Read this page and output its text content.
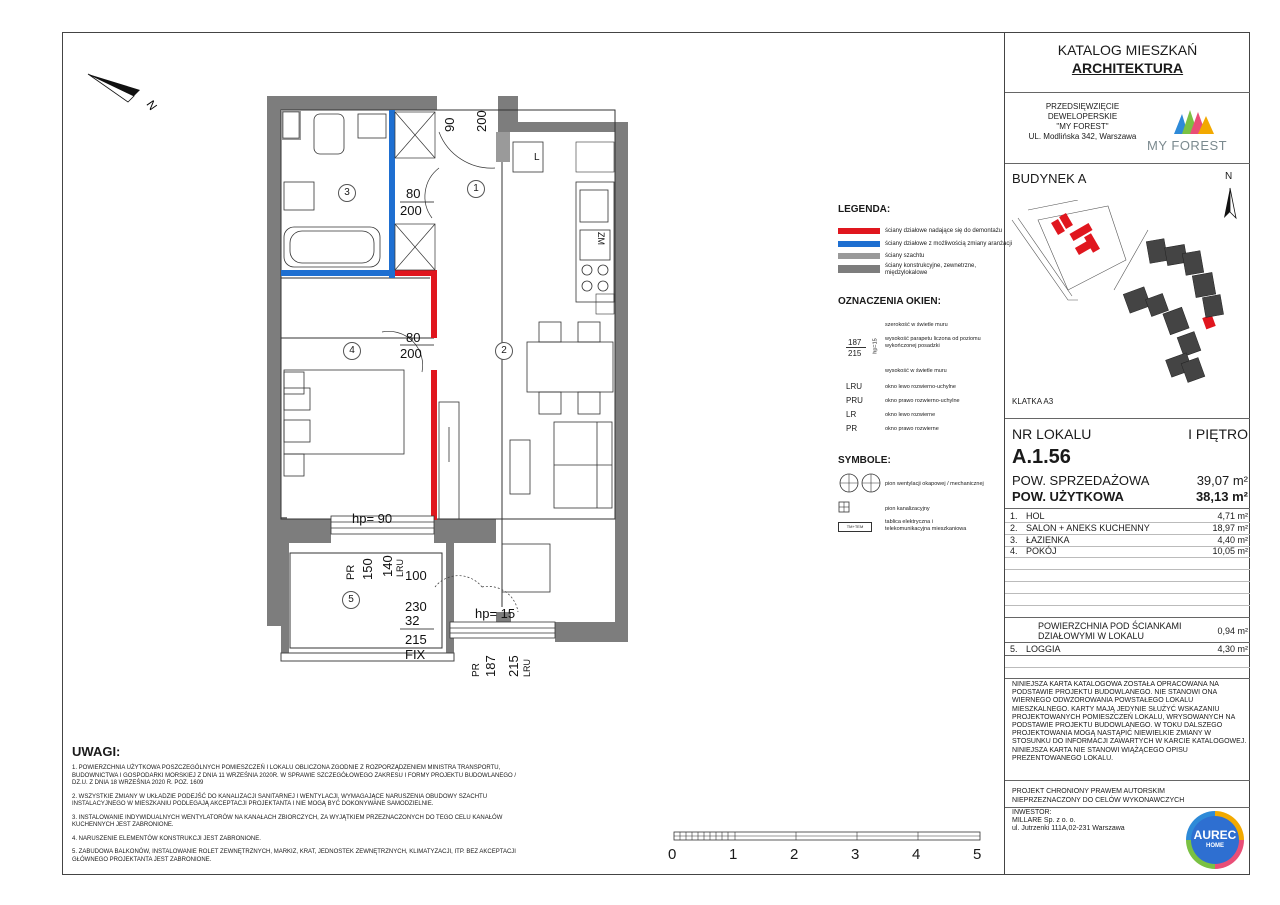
N
90 200
80
200
80
200
hp= 90
hp= 15
230
32
215
FIX
100
PR 150 140 LRU
PR 187 215 LRU
L
ZM
1
2
3
4
5
LEGENDA:
ściany działowe nadające się do demontażu
ściany działowe z możliwością zmiany aranżacji
ściany szachtu
ściany konstrukcyjne, zewnetrzne, międzylokalowe
OZNACZENIA OKIEN:
187
215 hp=15
szerokość w świetle muru
wysokość parapetu liczona od poziomu wykończonej posadzki
wysokość w świetle muru
LRU	okno lewo rozwierno-uchylne
PRU	okno prawo rozwierno-uchylne
LR	okno lewo rozwierne
PR	okno prawo rozwierne
SYMBOLE:
pion wentylacji okapowej / mechanicznej
pion kanalizacyjny
TM+TEM
tablica elektryczna i telekomunikacyjna mieszkaniowa
UWAGI:

1. POWIERZCHNIA UŻYTKOWA POSZCZEGÓLNYCH POMIESZCZEŃ I LOKALU OBLICZONA ZGODNIE Z ROZPORZĄDZENIEM MINISTRA TRANSPORTU, BUDOWNICTWA I GOSPODARKI MORSKIEJ Z DNIA 11 WRZEŚNIA 2020R. W SPRAWIE SZCZEGÓŁOWEGO ZAKRESU I FORMY PROJEKTU BUDOWLANEGO / DZ.U. Z DNIA 18 WRZEŚNIA 2020 R. POZ. 1609

2. WSZYSTKIE ZMIANY W UKŁADZIE PODEJŚĆ DO KANALIZACJI SANITARNEJ I WENTYLACJI, WYMAGAJĄCE NARUSZENIA OBUDOWY SZACHTU INSTALACYJNEGO W MIESZKANIU PODLEGAJĄ AKCEPTACJI PROJEKTANTA I NIE MOGĄ BYĆ DOKONYWANE SAMODZIELNIE.

3. INSTALOWANIE INDYWIDUALNYCH WENTYLATORÓW NA KANAŁACH ZBIORCZYCH, ZA WYJĄTKIEM PRZEZNACZONYCH DO TEGO CELU KANAŁÓW KUCHENNYCH JEST ZABRONIONE.

4. NARUSZENIE ELEMENTÓW KONSTRUKCJI JEST ZABRONIONE.

5. ZABUDOWA BALKONÓW, INSTALOWANIE ROLET ZEWNĘTRZNYCH, MARKIZ, KRAT, JEDNOSTEK ZEWNĘTRZNYCH, KLIMATYZACJI, ITP. BEZ AKCEPTACJI GŁÓWNEGO PROJEKTANTA JEST ZABRONIONE.	0	1	2	3	4	5
KATALOG MIESZKAŃ
ARCHITEKTURA
PRZEDSIĘWZIĘCIE
DEWELOPERSKIE
"MY FOREST"
UL. Modlińska 342, Warszawa
MY FOREST
BUDYNEK A	N
KLATKA A3
NR LOKALU	I PIĘTRO
A.1.56
POW. SPRZEDAŻOWA	39,07 m²
POW. UŻYTKOWA	38,13 m²
1. HOL	4,71 m²
2. SALON + ANEKS KUCHENNY	18,97 m²
3. ŁAZIENKA	4,40 m²
4. POKÓJ	10,05 m²
POWIERZCHNIA POD ŚCIANKAMI
DZIAŁOWYMI W LOKALU	0,94 m²
5. LOGGIA	4,30 m²
NINIEJSZA KARTA KATALOGOWA ZOSTAŁA OPRACOWANA NA PODSTAWIE PROJEKTU BUDOWLANEGO. NIE STANOWI ONA WIERNEGO ODWZOROWANIA POWSTAŁEGO LOKALU MIESZKALNEGO. KARTY MAJĄ JEDYNIE SŁUŻYĆ WSKAZANIU PROJEKTOWANYCH POMIESZCZEŃ LOKALU, WRYSOWANYCH NA PODSTAWIE PROJEKTU BUDOWLANEGO. W TOKU DALSZEGO PROJEKTOWANIA MOGĄ NASTĄPIĆ NIEWIELKIE ZMIANY W STOSUNKU DO INFORMACJI ZAWARTYCH W KARCIE KATALOGOWEJ. NINIEJSZA KARTA NIE STANOWI WIĄŻĄCEGO OPISU PREZENTOWANEGO LOKALU.
PROJEKT CHRONIONY PRAWEM AUTORSKIM
NIEPRZEZNACZONY DO CELÓW WYKONAWCZYCH
INWESTOR:
MILLARE Sp. z o. o.
ul. Jutrzenki 111A,02-231 Warszawa	AUREC
HOME
